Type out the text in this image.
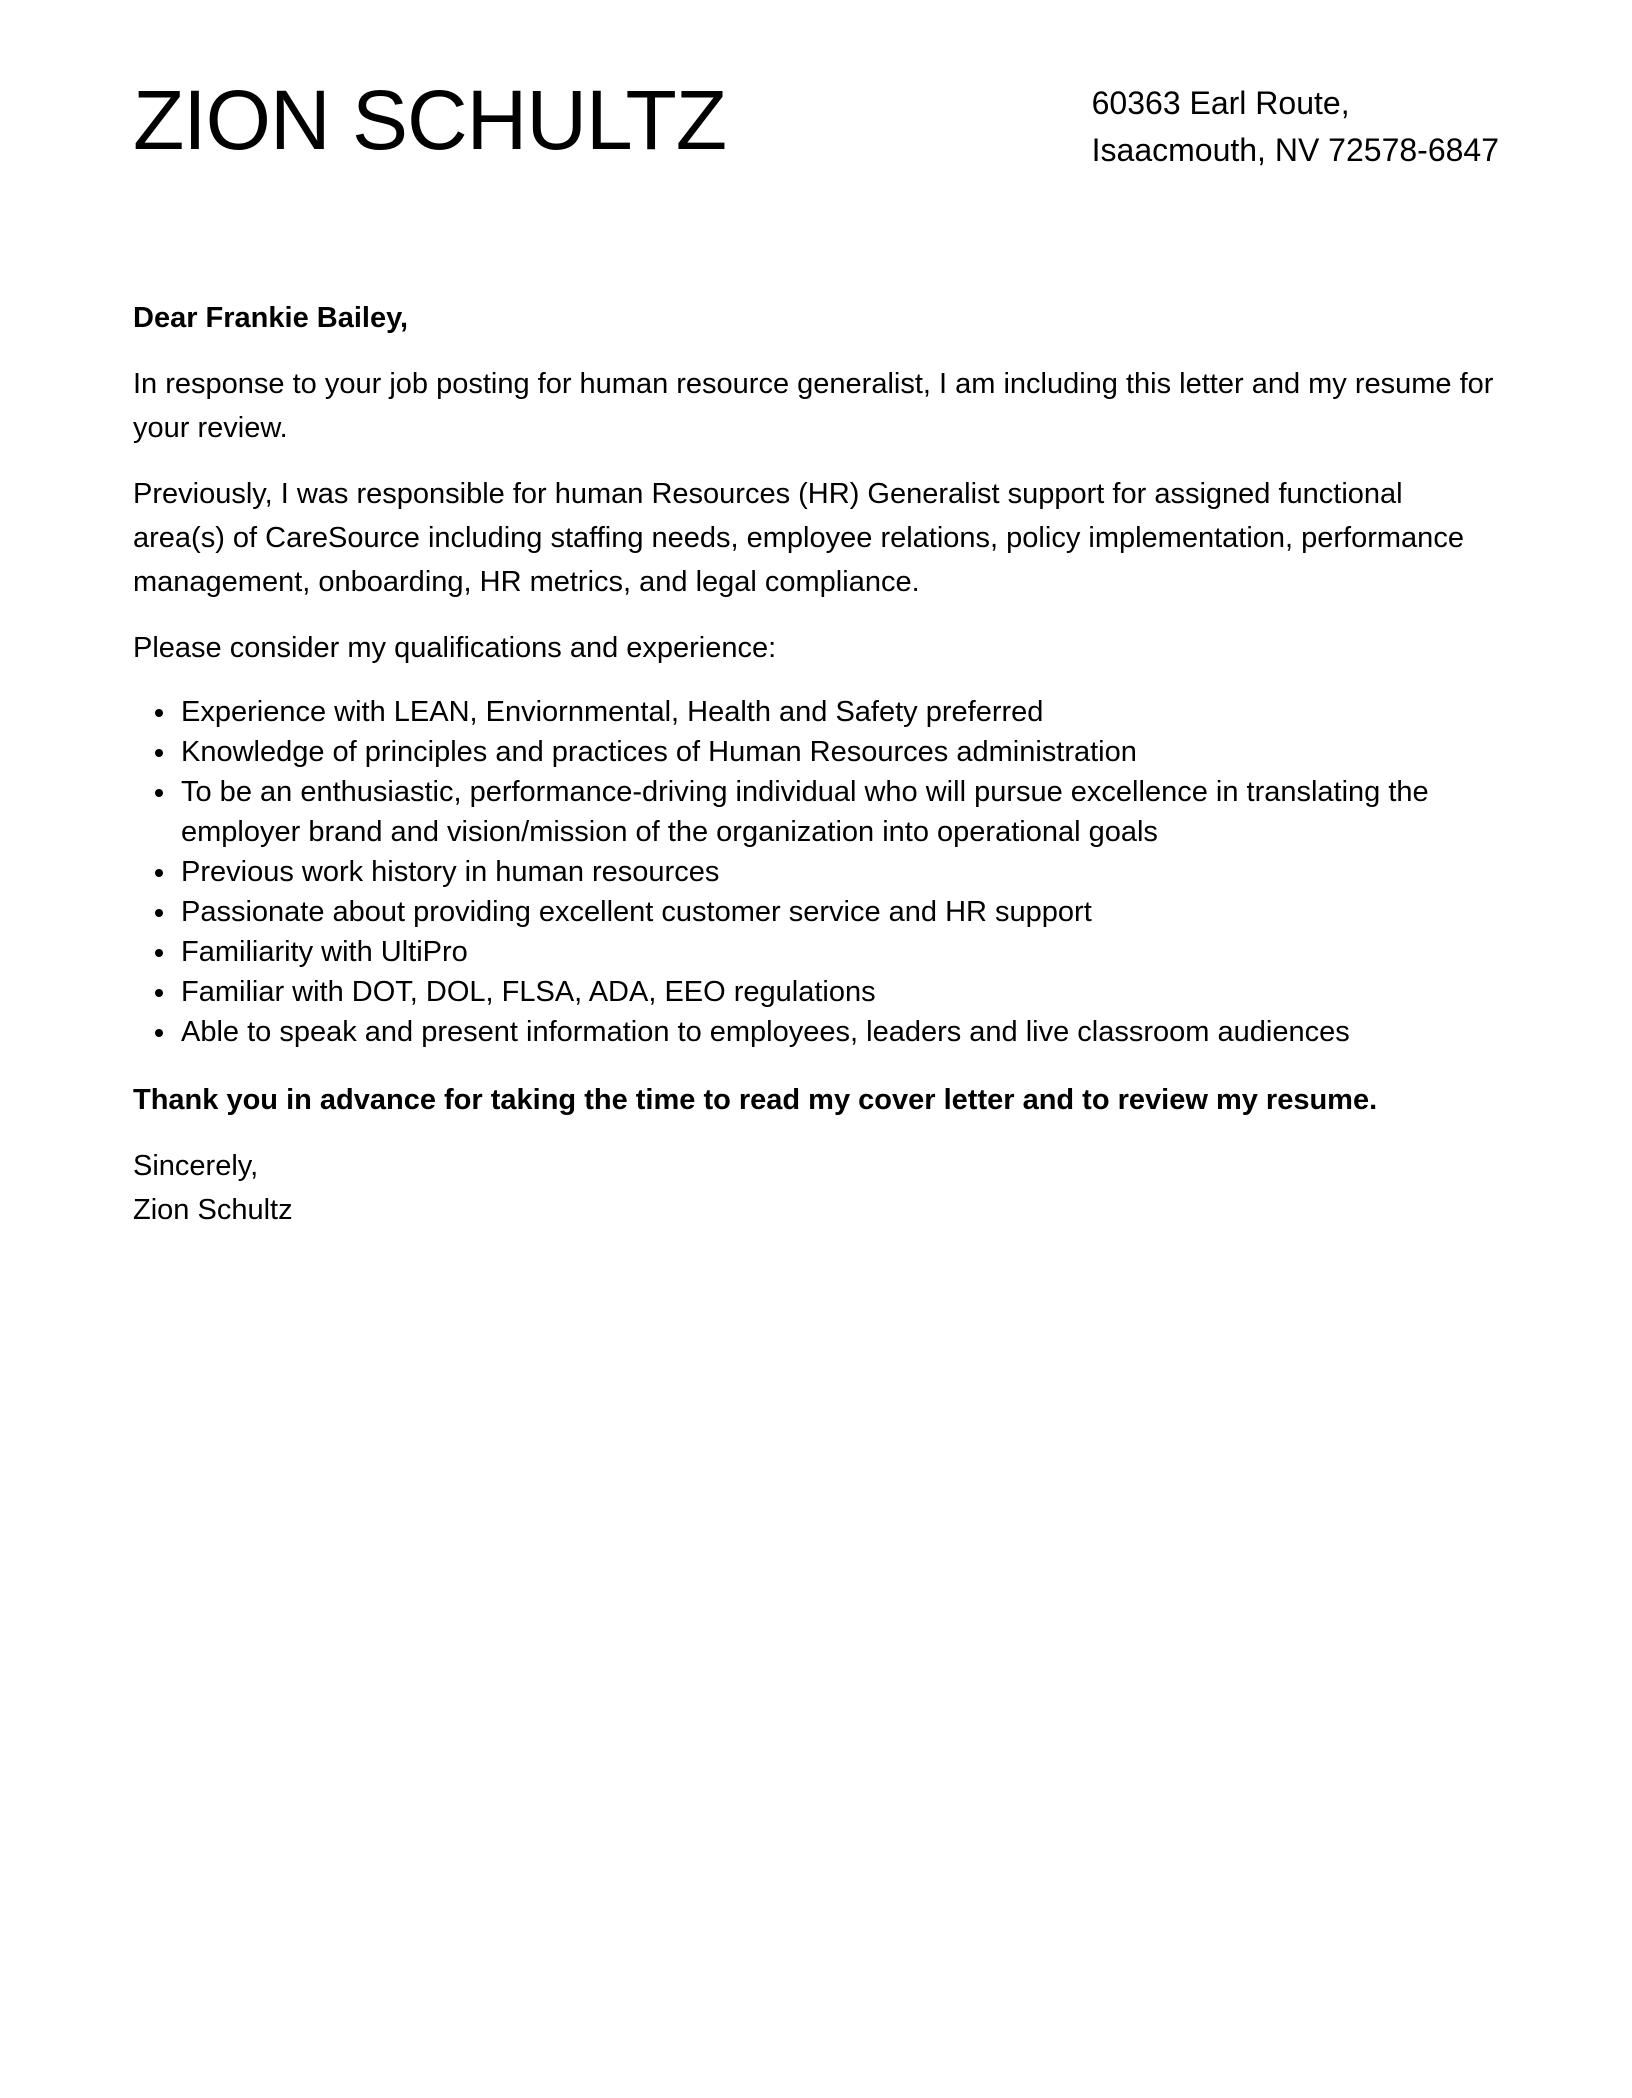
ZION SCHULTZ	60363 Earl Route,
Isaacmouth, NV 72578-6847

Dear Frankie Bailey,

In response to your job posting for human resource generalist, I am including this letter and my resume for your review.

Previously, I was responsible for human Resources (HR) Generalist support for assigned functional area(s) of CareSource including staffing needs, employee relations, policy implementation, performance management, onboarding, HR metrics, and legal compliance.

Please consider my qualifications and experience:

Experience with LEAN, Enviornmental, Health and Safety preferred
Knowledge of principles and practices of Human Resources administration
To be an enthusiastic, performance-driving individual who will pursue excellence in translating the employer brand and vision/mission of the organization into operational goals
Previous work history in human resources
Passionate about providing excellent customer service and HR support
Familiarity with UltiPro
Familiar with DOT, DOL, FLSA, ADA, EEO regulations
Able to speak and present information to employees, leaders and live classroom audiences

Thank you in advance for taking the time to read my cover letter and to review my resume.

Sincerely,
Zion Schultz
